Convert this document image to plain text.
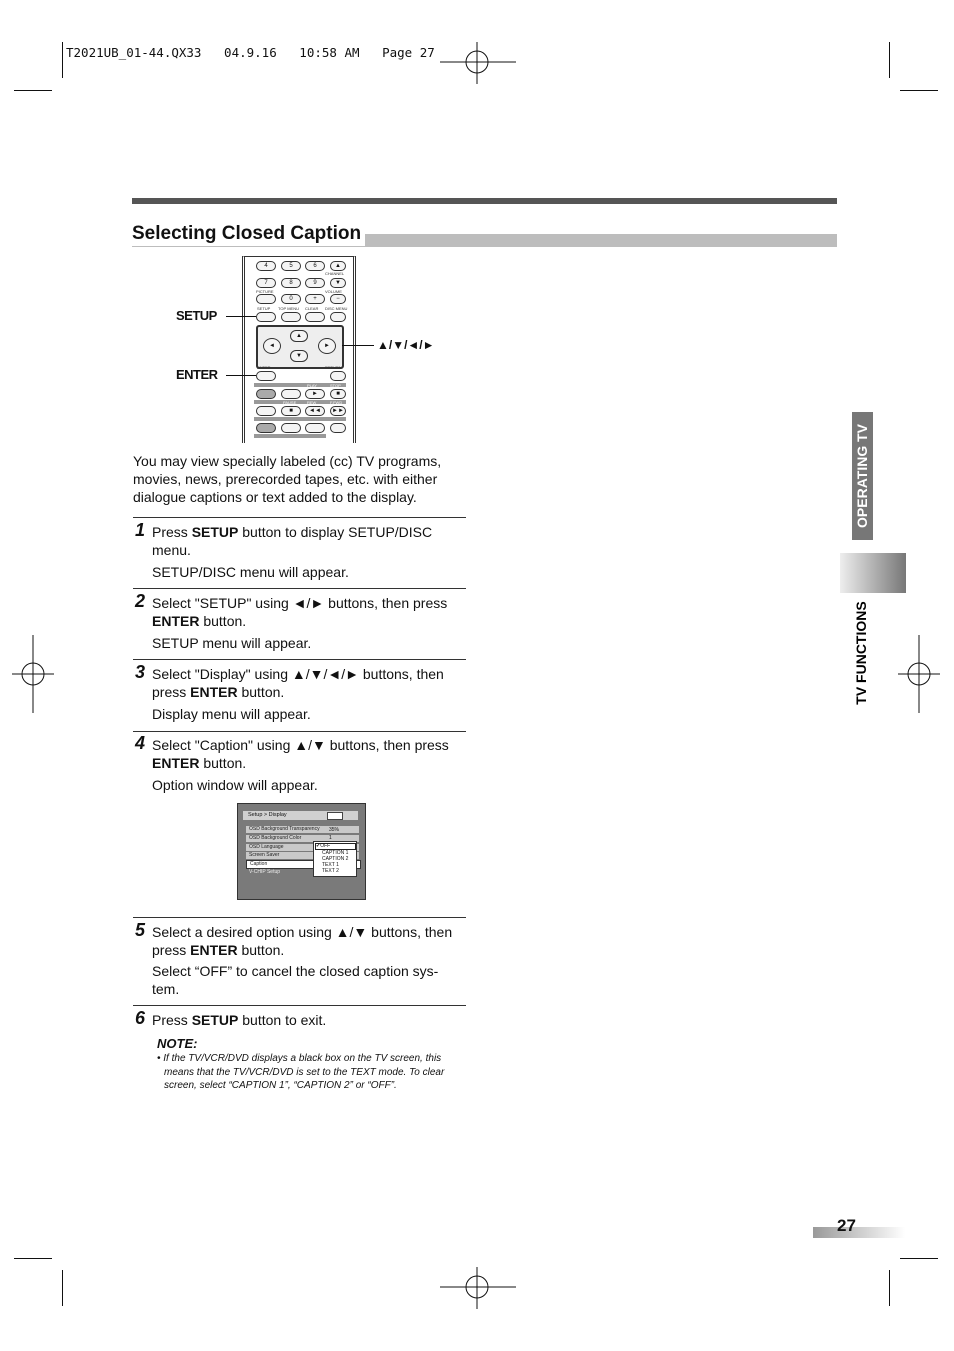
T2021UB_01-44.QX33   04.9.16   10:58 AM   Page 27
Selecting Closed Caption
OPERATING TV
TV FUNCTIONS
4	5	6	▲
CHANNEL
7	8	9	▼
PICTURE	VOLUME
0	+	−
SETUP TOP MENU CLEAR DISC MENU
▲
▼
◄	►
ENTER	RETURN
PLAY	STOP
►	■
PAUSE	REW	F.FWD
■	◄◄	►►
SETUP
ENTER
▲/▼/◄/►
You may view specially labeled (cc) TV programs, movies, news, prerecorded tapes, etc. with either dialogue captions or text added to the display.
1 Press SETUP button to display SETUP/DISC menu.
SETUP/DISC menu will appear.
2 Select "SETUP" using ◄/► buttons, then press ENTER button.
SETUP menu will appear.
3 Select "Display" using ▲/▼/◄/► buttons, then press ENTER button.
Display menu will appear.
4 Select "Caption" using ▲/▼ buttons, then press ENTER button.
Option window will appear.
Setup > Display
OSD Background Transparency
OSD Background Color
OSD Language
Screen Saver
Caption
V-CHIP Setup
35%
1
✔OFF
CAPTION 1
CAPTION 2
TEXT 1
TEXT 2
5 Select a desired option using ▲/▼ buttons, then press ENTER button.
Select “OFF” to cancel the closed caption sys-tem.
6 Press SETUP button to exit.
NOTE:
• If the TV/VCR/DVD displays a black box on the TV screen, this means that the TV/VCR/DVD is set to the TEXT mode. To clear screen, select “CAPTION 1”, “CAPTION 2” or “OFF”.
27
